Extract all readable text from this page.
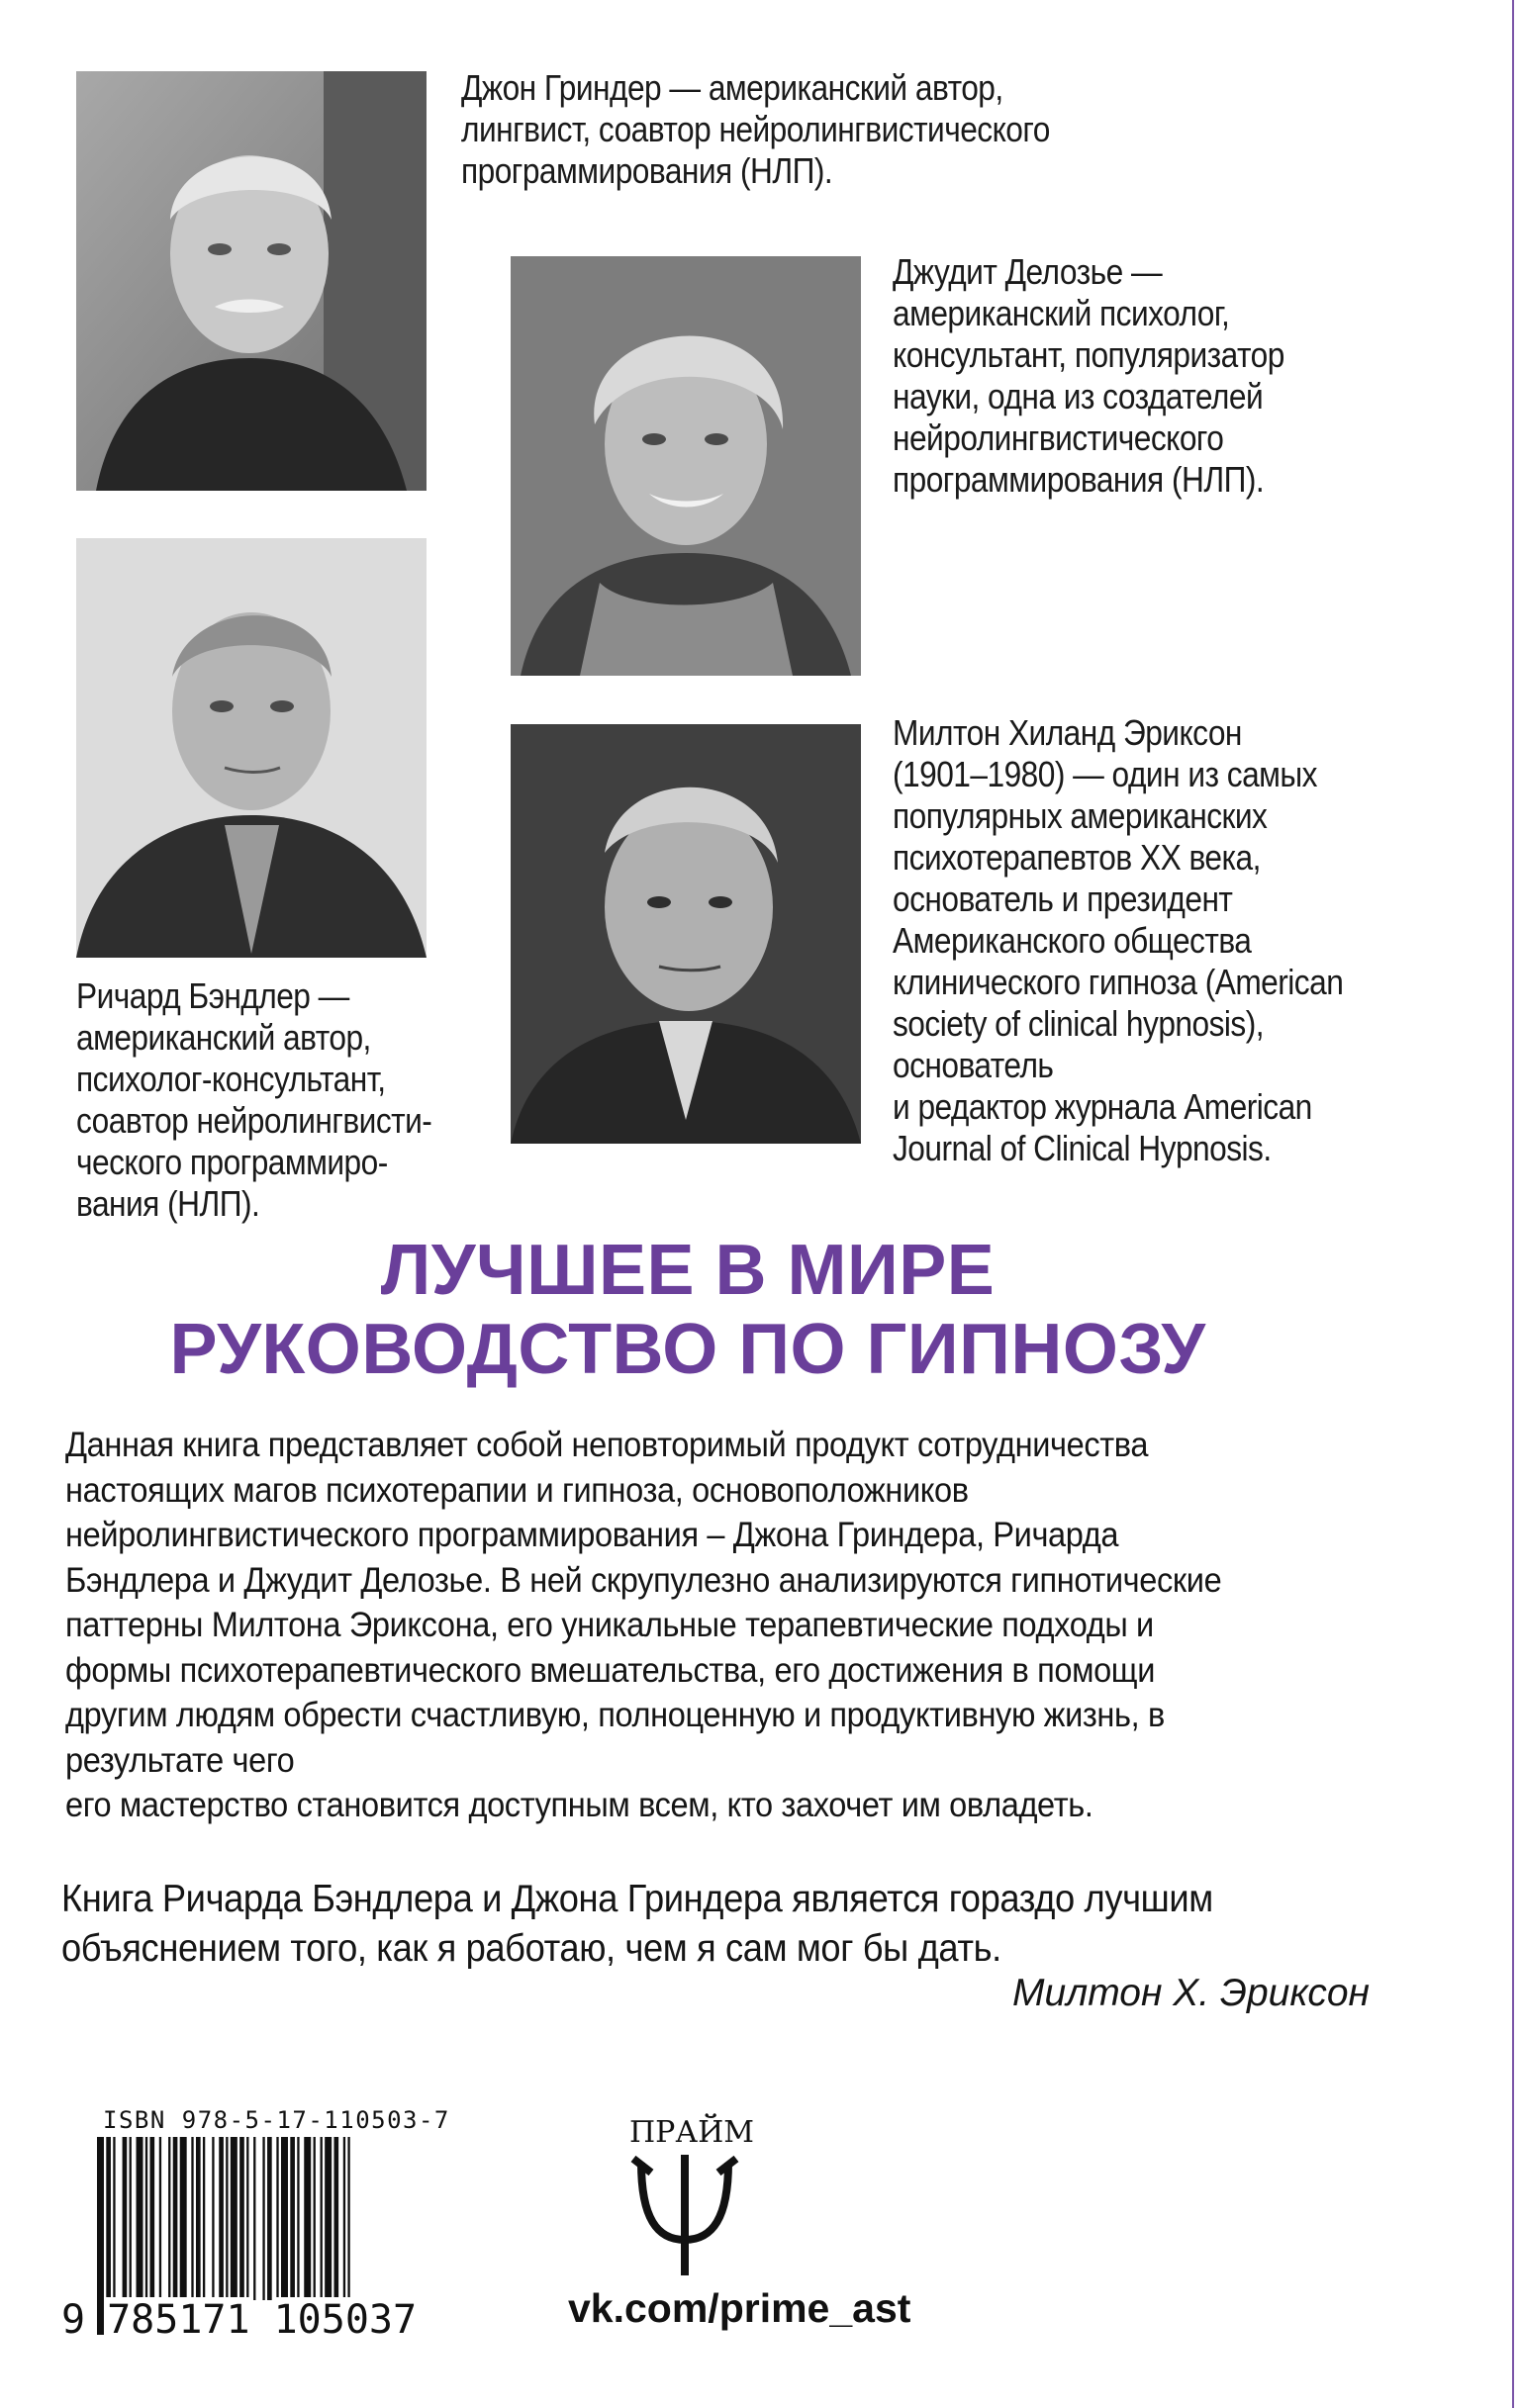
Джон Гриндер — американский автор,
лингвист, соавтор нейролингвистического
программирования (НЛП).
Джудит Делозье —
американский психолог,
консультант, популяризатор
науки, одна из создателей
нейролингвистического
программирования (НЛП).
Ричард Бэндлер —
американский автор,
психолог-консультант,
соавтор нейролингвисти-
ческого программиро-
вания (НЛП).
Милтон Хиланд Эриксон
(1901–1980) — один из самых
популярных американских
психотерапевтов XX века,
основатель и президент
Американского общества
клинического гипноза (American
society of clinical hypnosis),
основатель
и редактор журнала American
Journal of Clinical Hypnosis.
ЛУЧШЕЕ В МИРЕ
РУКОВОДСТВО ПО ГИПНОЗУ
Данная книга представляет собой неповторимый продукт сотрудничества
настоящих магов психотерапии и гипноза, основоположников
нейролингвистического программирования – Джона Гриндера, Ричарда
Бэндлера и Джудит Делозье. В ней скрупулезно анализируются гипнотические
паттерны Милтона Эриксона, его уникальные терапевтические подходы и
формы психотерапевтического вмешательства, его достижения в помощи
другим людям обрести счастливую, полноценную и продуктивную жизнь, в
результате чего
его мастерство становится доступным всем, кто захочет им овладеть.
Книга Ричарда Бэндлера и Джона Гриндера является гораздо лучшим
объяснением того, как я работаю, чем я сам мог бы дать.
Милтон Х. Эриксон
ISBN 978-5-17-110503-7
9 785171 105037
ПРАЙМ
vk.com/prime_ast
